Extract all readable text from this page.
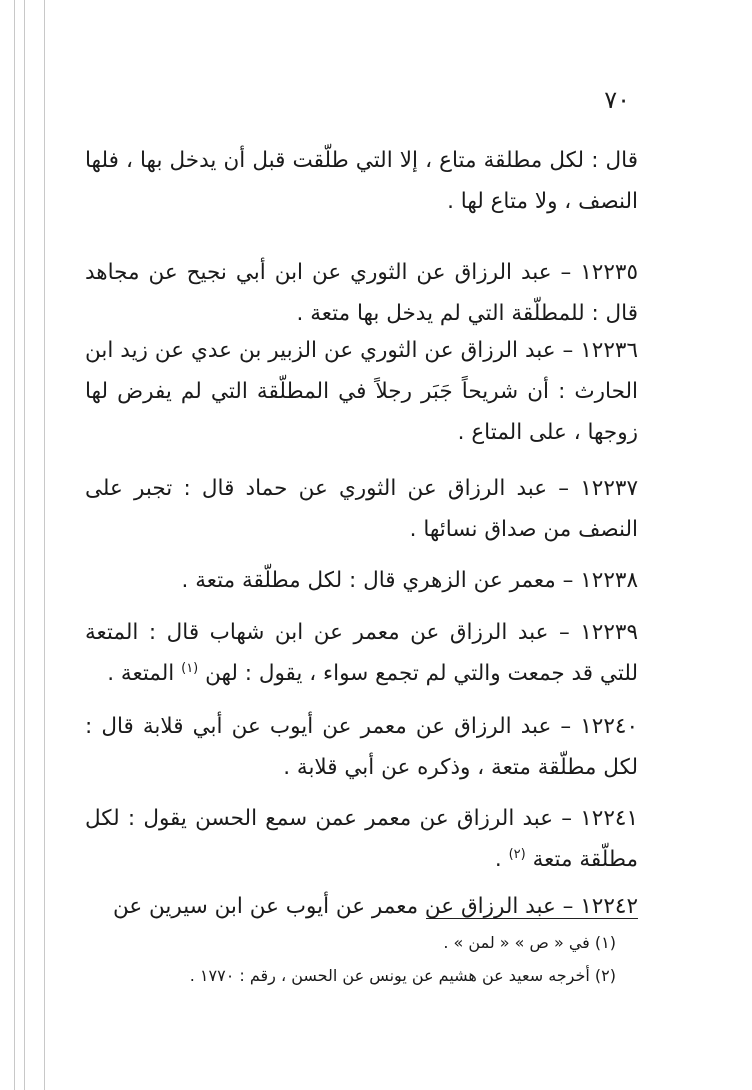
٧٠
قال : لكل مطلقة متاع ، إلا التي طلّقت قبل أن يدخل بها ، فلها النصف ، ولا متاع لها .
١٢٢٣٥ – عبد الرزاق عن الثوري عن ابن أبي نجيح عن مجاهد قال : للمطلّقة التي لم يدخل بها متعة .
١٢٢٣٦ – عبد الرزاق عن الثوري عن الزبير بن عدي عن زيد ابن الحارث : أن شريحاً جَبَر رجلاً في المطلّقة التي لم يفرض لها زوجها ، على المتاع .
١٢٢٣٧ – عبد الرزاق عن الثوري عن حماد قال : تجبر على النصف من صداق نسائها .
١٢٢٣٨ – معمر عن الزهري قال : لكل مطلّقة متعة .
١٢٢٣٩ – عبد الرزاق عن معمر عن ابن شهاب قال : المتعة للتي قد جمعت والتي لم تجمع سواء ، يقول : لهن $^{(١)}$ المتعة .
١٢٢٤٠ – عبد الرزاق عن معمر عن أيوب عن أبي قلابة قال : لكل مطلّقة متعة ، وذكره عن أبي قلابة .
١٢٢٤١ – عبد الرزاق عن معمر عمن سمع الحسن يقول : لكل مطلّقة متعة $^{(٢)}$ .
١٢٢٤٢ – عبد الرزاق عن معمر عن أيوب عن ابن سيرين عن
(١) في « ص » « لمن » .
(٢) أخرجه سعيد عن هشيم عن يونس عن الحسن ، رقم : ١٧٧٠ .
